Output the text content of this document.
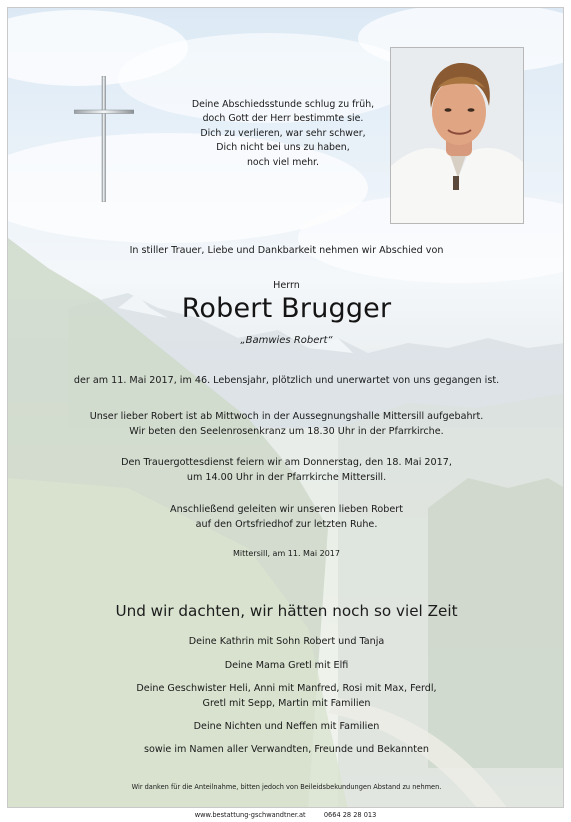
Deine Abschiedsstunde schlug zu früh,
doch Gott der Herr bestimmte sie.
Dich zu verlieren, war sehr schwer,
Dich nicht bei uns zu haben,
noch viel mehr.
In stiller Trauer, Liebe und Dankbarkeit nehmen wir Abschied von
Herrn
Robert Brugger
„Bamwies Robert“
der am 11. Mai 2017, im 46. Lebensjahr, plötzlich und unerwartet von uns gegangen ist.
Unser lieber Robert ist ab Mittwoch in der Aussegnungshalle Mittersill aufgebahrt.
Wir beten den Seelenrosenkranz um 18.30 Uhr in der Pfarrkirche.
Den Trauergottesdienst feiern wir am Donnerstag, den 18. Mai 2017,
um 14.00 Uhr in der Pfarrkirche Mittersill.
Anschließend geleiten wir unseren lieben Robert
auf den Ortsfriedhof zur letzten Ruhe.
Mittersill, am 11. Mai 2017
Und wir dachten, wir hätten noch so viel Zeit
Deine Kathrin mit Sohn Robert und Tanja
Deine Mama Gretl mit Elfi
Deine Geschwister Heli, Anni mit Manfred, Rosi mit Max, Ferdl,
Gretl mit Sepp, Martin mit Familien
Deine Nichten und Neffen mit Familien
sowie im Namen aller Verwandten, Freunde und Bekannten
Wir danken für die Anteilnahme, bitten jedoch von Beileidsbekundungen Abstand zu nehmen.
www.bestattung-gschwandtner.at	0664 28 28 013
